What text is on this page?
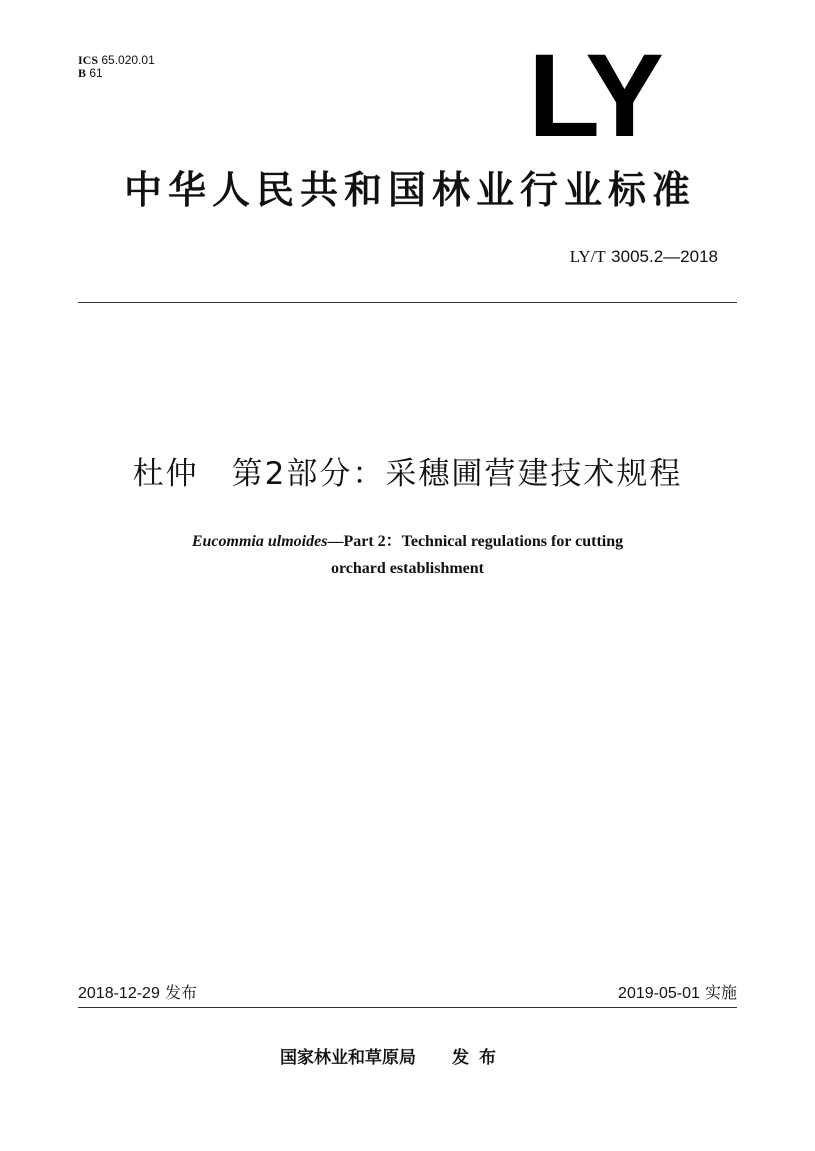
ICS 65.020.01
B 61	LY
中华人民共和国林业行业标准
LY/T 3005.2—2018
杜仲　第2部分：采穗圃营建技术规程
Eucommia ulmoides—Part 2：Technical regulations for cutting
orchard establishment
2018-12-29 发布	2019-05-01 实施
国家林业和草原局 发布
